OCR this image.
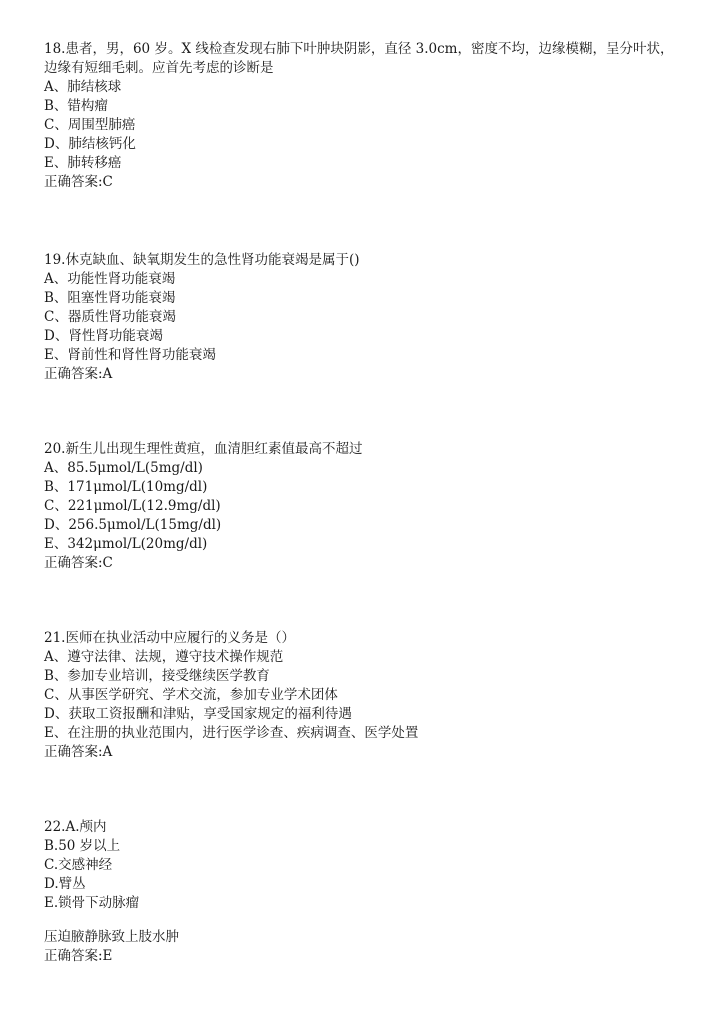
18.患者，男，60 岁。X 线检查发现右肺下叶肿块阴影，直径 3.0cm，密度不均，边缘模糊，呈分叶状，边缘有短细毛刺。应首先考虑的诊断是
A、肺结核球
B、错构瘤
C、周围型肺癌
D、肺结核钙化
E、肺转移癌
正确答案:C
19.休克缺血、缺氧期发生的急性肾功能衰竭是属于()
A、功能性肾功能衰竭
B、阻塞性肾功能衰竭
C、器质性肾功能衰竭
D、肾性肾功能衰竭
E、肾前性和肾性肾功能衰竭
正确答案:A
20.新生儿出现生理性黄疸，血清胆红素值最高不超过
A、85.5μmol/L(5mg/dl)
B、171μmol/L(10mg/dl)
C、221μmol/L(12.9mg/dl)
D、256.5μmol/L(15mg/dl)
E、342μmol/L(20mg/dl)
正确答案:C
21.医师在执业活动中应履行的义务是（）
A、遵守法律、法规，遵守技术操作规范
B、参加专业培训，接受继续医学教育
C、从事医学研究、学术交流，参加专业学术团体
D、获取工资报酬和津贴，享受国家规定的福利待遇
E、在注册的执业范围内，进行医学诊查、疾病调查、医学处置
正确答案:A
22.A.颅内
B.50 岁以上
C.交感神经
D.臂丛
E.锁骨下动脉瘤
压迫腋静脉致上肢水肿
正确答案:E
